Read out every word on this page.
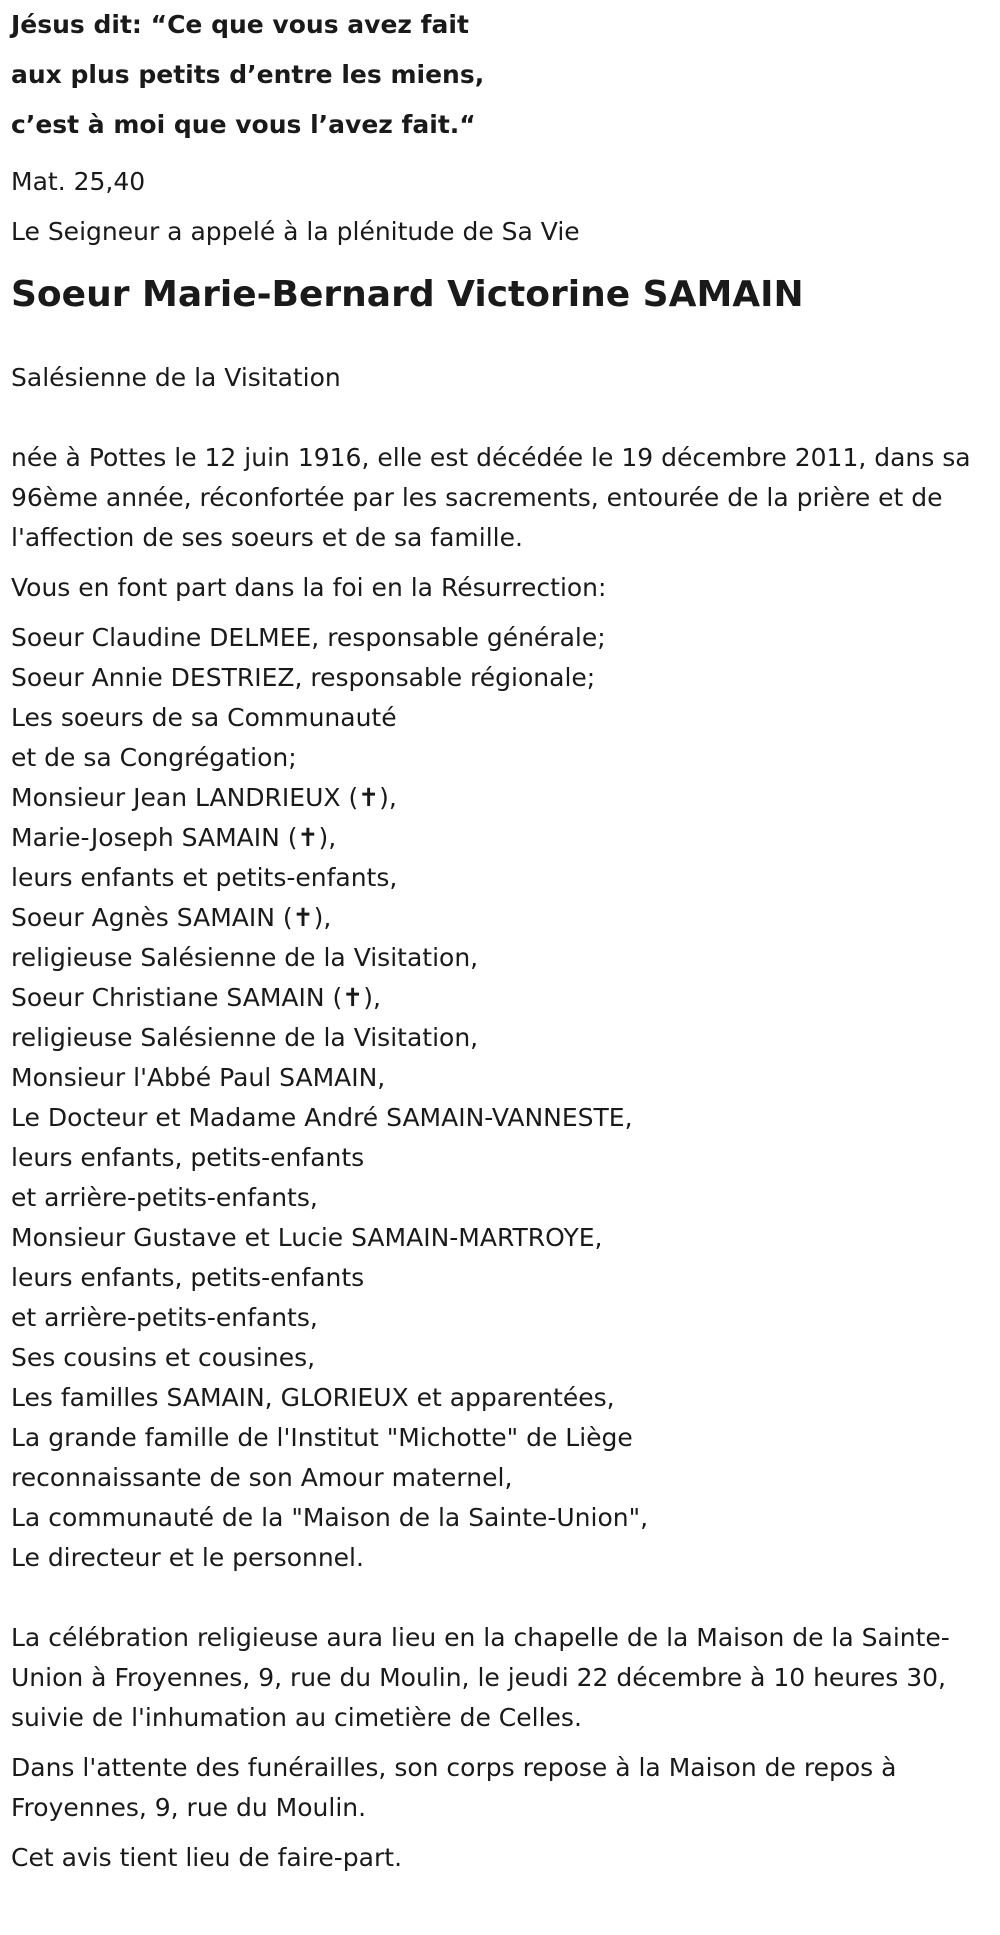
Jésus dit: “Ce que vous avez fait
aux plus petits d’entre les miens,
c’est à moi que vous l’avez fait.“
Mat. 25,40
Le Seigneur a appelé à la plénitude de Sa Vie
Soeur Marie-Bernard Victorine SAMAIN
Salésienne de la Visitation
née à Pottes le 12 juin 1916, elle est décédée le 19 décembre 2011, dans sa 96ème année, réconfortée par les sacrements, entourée de la prière et de l'affection de ses soeurs et de sa famille.
Vous en font part dans la foi en la Résurrection:
Soeur Claudine DELMEE, responsable générale;
Soeur Annie DESTRIEZ, responsable régionale;
Les soeurs de sa Communauté
et de sa Congrégation;
Monsieur Jean LANDRIEUX (✝),
Marie-Joseph SAMAIN (✝),
leurs enfants et petits-enfants,
Soeur Agnès SAMAIN (✝),
religieuse Salésienne de la Visitation,
Soeur Christiane SAMAIN (✝),
religieuse Salésienne de la Visitation,
Monsieur l'Abbé Paul SAMAIN,
Le Docteur et Madame André SAMAIN-VANNESTE,
leurs enfants, petits-enfants
et arrière-petits-enfants,
Monsieur Gustave et Lucie SAMAIN-MARTROYE,
leurs enfants, petits-enfants
et arrière-petits-enfants,
Ses cousins et cousines,
Les familles SAMAIN, GLORIEUX et apparentées,
La grande famille de l'Institut "Michotte" de Liège
reconnaissante de son Amour maternel,
La communauté de la "Maison de la Sainte-Union",
Le directeur et le personnel.
La célébration religieuse aura lieu en la chapelle de la Maison de la Sainte-Union à Froyennes, 9, rue du Moulin, le jeudi 22 décembre à 10 heures 30, suivie de l'inhumation au cimetière de Celles.
Dans l'attente des funérailles, son corps repose à la Maison de repos à Froyennes, 9, rue du Moulin.
Cet avis tient lieu de faire-part.
